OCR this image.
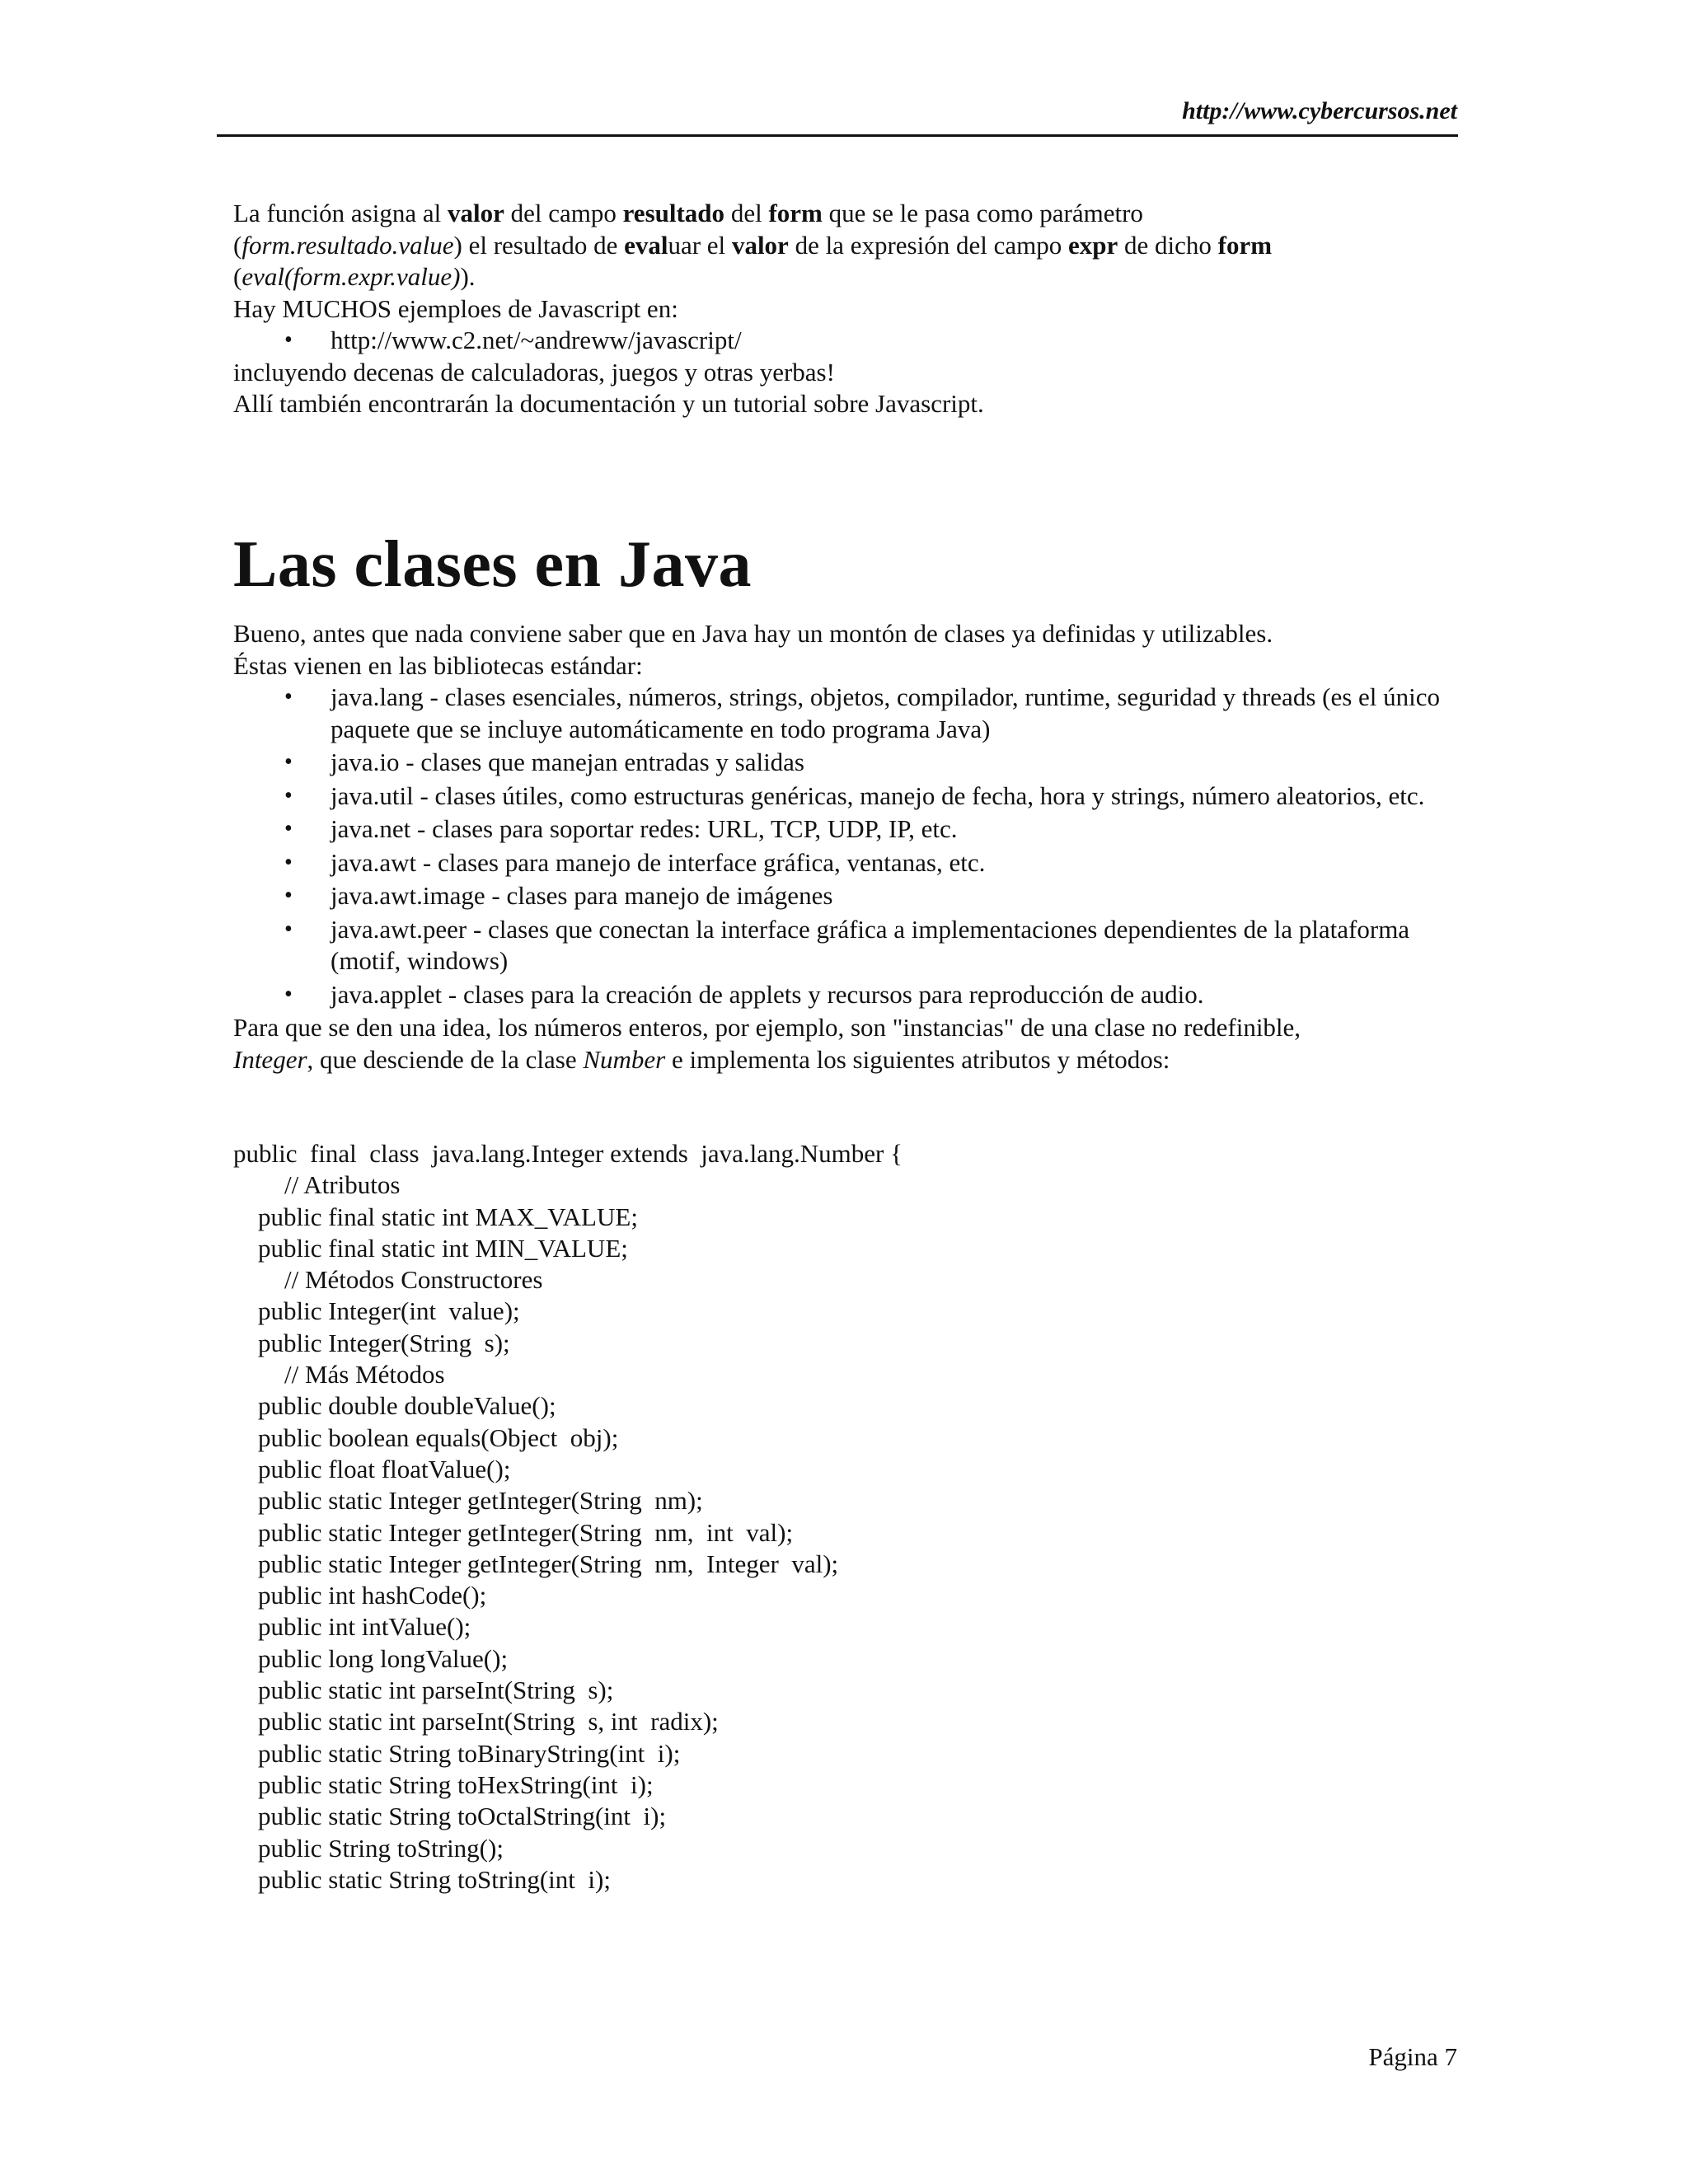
http://www.cybercursos.net

La función asigna al valor del campo resultado del form que se le pasa como parámetro

(form.resultado.value) el resultado de evaluar el valor de la expresión del campo expr de dicho form

(eval(form.expr.value)).

Hay MUCHOS ejemploes de Javascript en:

• http://www.c2.net/~andreww/javascript/

incluyendo decenas de calculadoras, juegos y otras yerbas!

Allí también encontrarán la documentación y un tutorial sobre Javascript.

Las clases en Java

Bueno, antes que nada conviene saber que en Java hay un montón de clases ya definidas y utilizables.

Éstas vienen en las bibliotecas estándar:

• java.lang - clases esenciales, números, strings, objetos, compilador, runtime, seguridad y threads (es el único paquete que se incluye automáticamente en todo programa Java)
• java.io - clases que manejan entradas y salidas
• java.util - clases útiles, como estructuras genéricas, manejo de fecha, hora y strings, número aleatorios, etc.
• java.net - clases para soportar redes: URL, TCP, UDP, IP, etc.
• java.awt - clases para manejo de interface gráfica, ventanas, etc.
• java.awt.image - clases para manejo de imágenes
• java.awt.peer - clases que conectan la interface gráfica a implementaciones dependientes de la plataforma (motif, windows)
• java.applet - clases para la creación de applets y recursos para reproducción de audio.

Para que se den una idea, los números enteros, por ejemplo, son "instancias" de una clase no redefinible,
Integer, que desciende de la clase Number e implementa los siguientes atributos y métodos:

public  final  class  java.lang.Integer extends  java.lang.Number {
// Atributos
public final static int MAX_VALUE;
public final static int MIN_VALUE;
// Métodos Constructores
public Integer(int  value);
public Integer(String  s);
// Más Métodos
public double doubleValue();
public boolean equals(Object  obj);
public float floatValue();
public static Integer getInteger(String  nm);
public static Integer getInteger(String  nm,  int  val);
public static Integer getInteger(String  nm,  Integer  val);
public int hashCode();
public int intValue();
public long longValue();
public static int parseInt(String  s);
public static int parseInt(String  s, int  radix);
public static String toBinaryString(int  i);
public static String toHexString(int  i);
public static String toOctalString(int  i);
public String toString();
public static String toString(int  i);
Página 7
